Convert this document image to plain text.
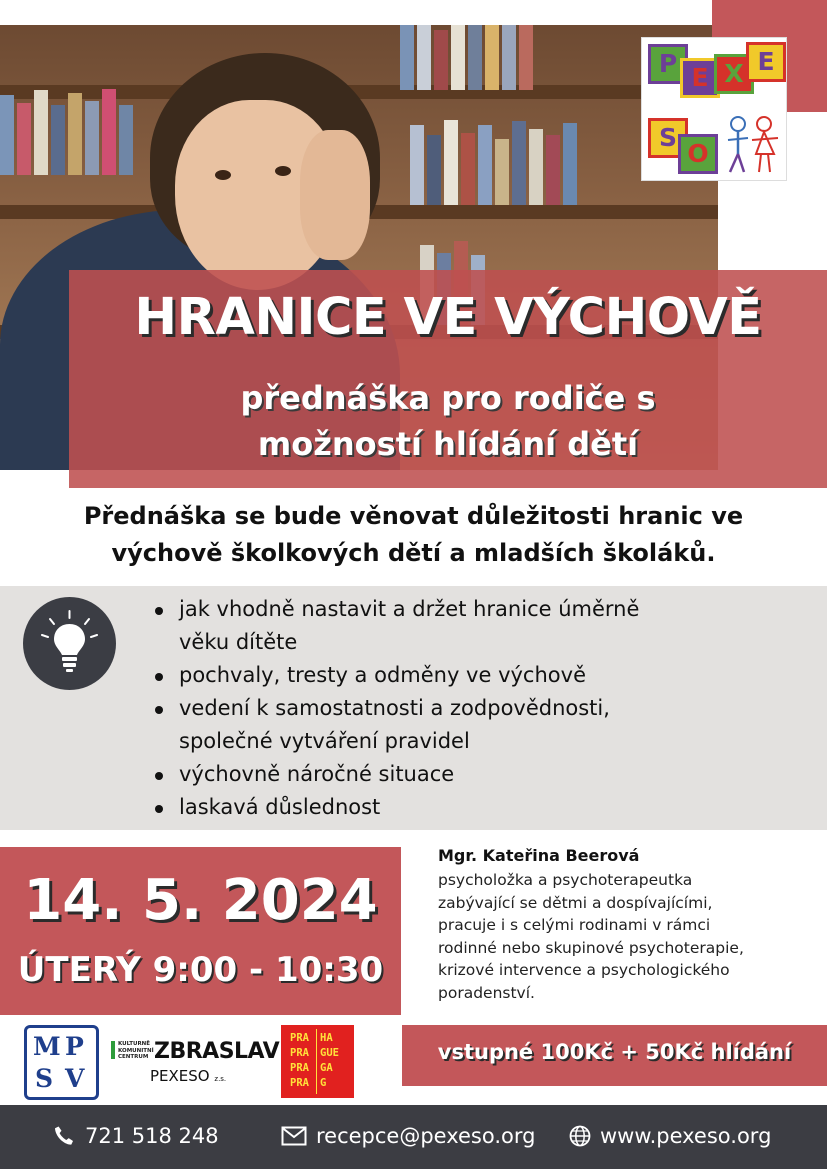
P E X E
S
O
HRANICE VE VÝCHOVĚ
přednáška pro rodiče s
možností hlídání dětí
Přednáška se bude věnovat důležitosti hranic ve
výchově školkových dětí a mladších školáků.
jak vhodně nastavit a držet hranice úměrně
věku dítěte
pochvaly, tresty a odměny ve výchově
vedení k samostatnosti a zodpovědnosti,
společné vytváření pravidel
výchovně náročné situace
laskavá důslednost
14. 5. 2024
ÚTERÝ 9:00 - 10:30
Mgr. Kateřina Beerová
psycholožka a psychoterapeutka
zabývající se dětmi a dospívajícími,
pracuje i s celými rodinami v rámci
rodinné nebo skupinové psychoterapie,
krizové intervence a psychologického
poradenství.
M P
S V
KULTURNĚ
KOMUNITNÍ
CENTRUM ZBRASLAV
PEXESO z.s.
PRA
PRA
PRA
PRA
HA
GUE
GA
G
vstupné 100Kč + 50Kč hlídání
721 518 248	recepce@pexeso.org	www.pexeso.org
